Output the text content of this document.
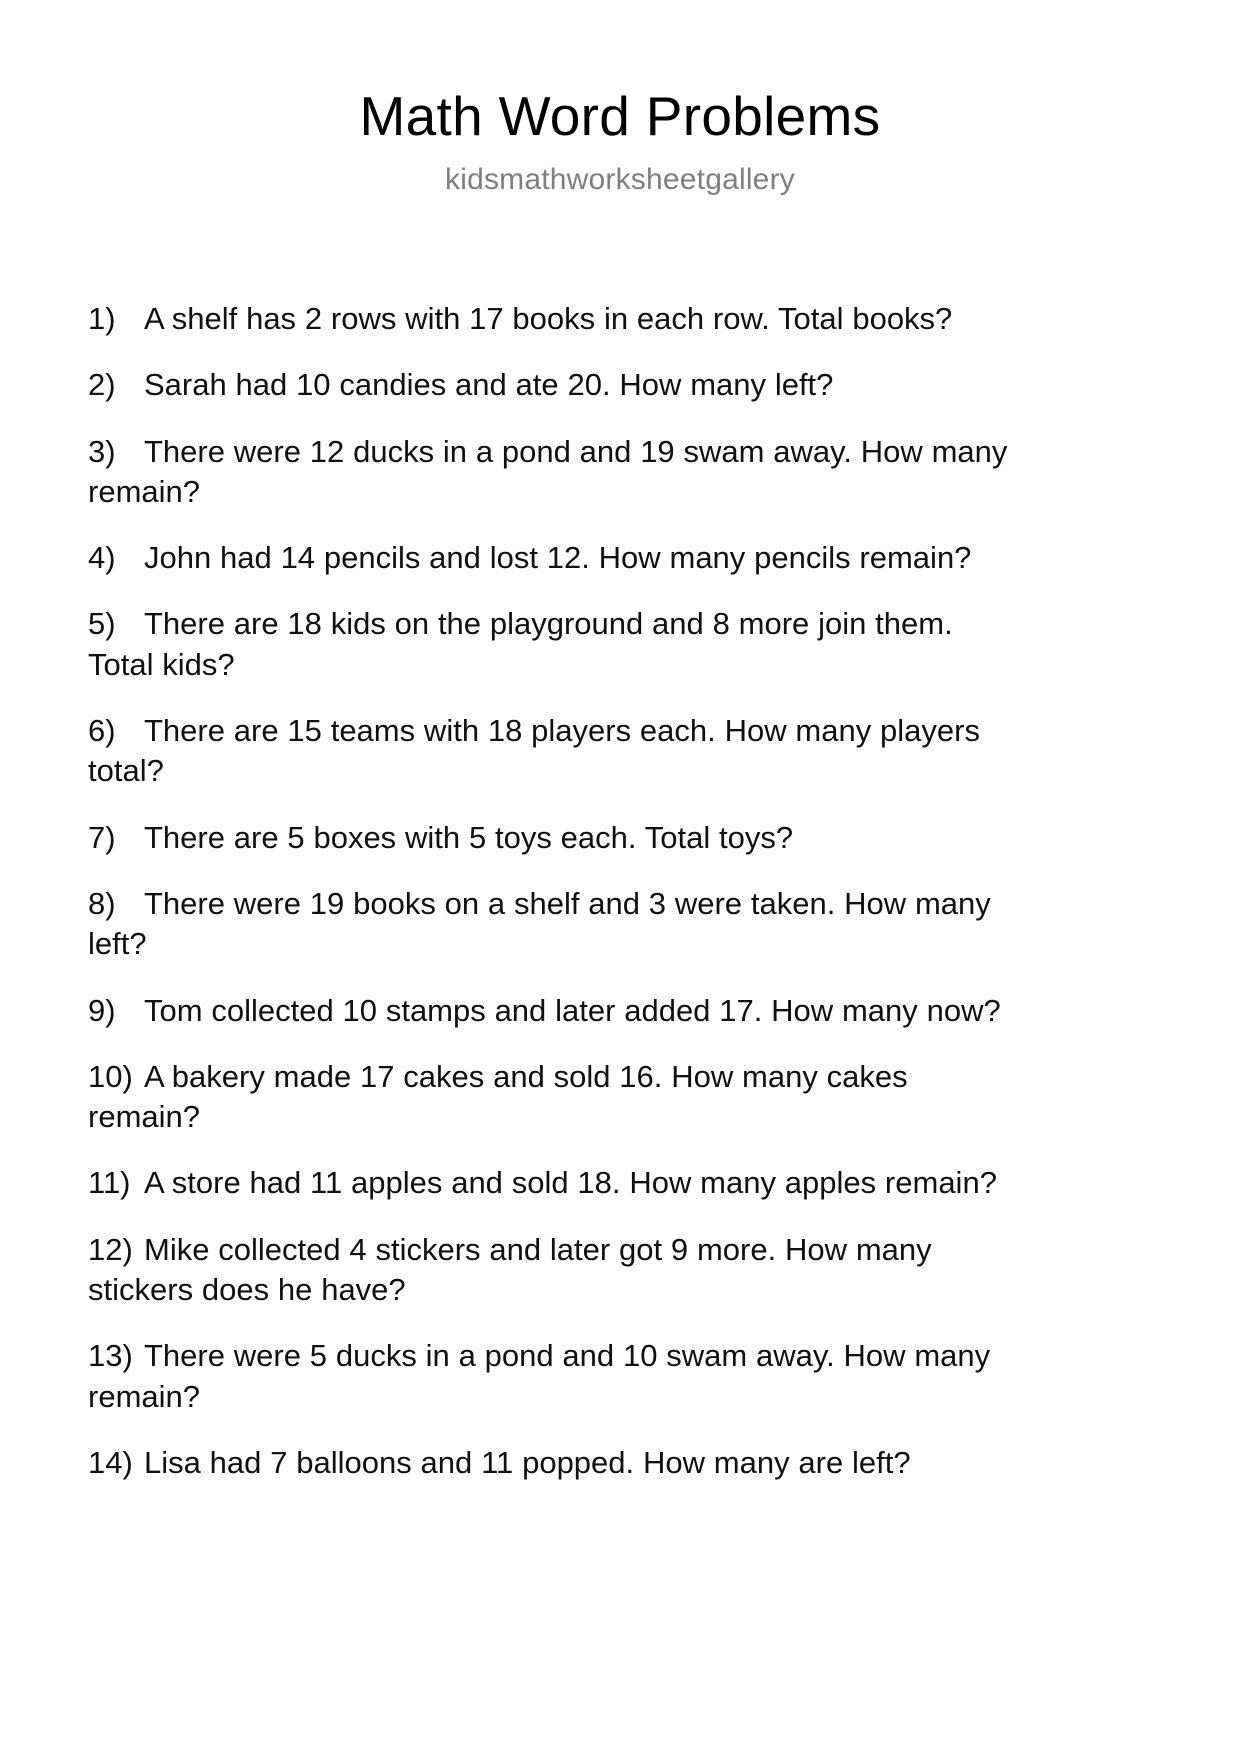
Math Word Problems
kidsmathworksheetgallery
1) A shelf has 2 rows with 17 books in each row. Total books?
2) Sarah had 10 candies and ate 20. How many left?
3) There were 12 ducks in a pond and 19 swam away. How many remain?
4) John had 14 pencils and lost 12. How many pencils remain?
5) There are 18 kids on the playground and 8 more join them. Total kids?
6) There are 15 teams with 18 players each. How many players total?
7) There are 5 boxes with 5 toys each. Total toys?
8) There were 19 books on a shelf and 3 were taken. How many left?
9) Tom collected 10 stamps and later added 17. How many now?
10) A bakery made 17 cakes and sold 16. How many cakes remain?
11) A store had 11 apples and sold 18. How many apples remain?
12) Mike collected 4 stickers and later got 9 more. How many stickers does he have?
13) There were 5 ducks in a pond and 10 swam away. How many remain?
14) Lisa had 7 balloons and 11 popped. How many are left?
